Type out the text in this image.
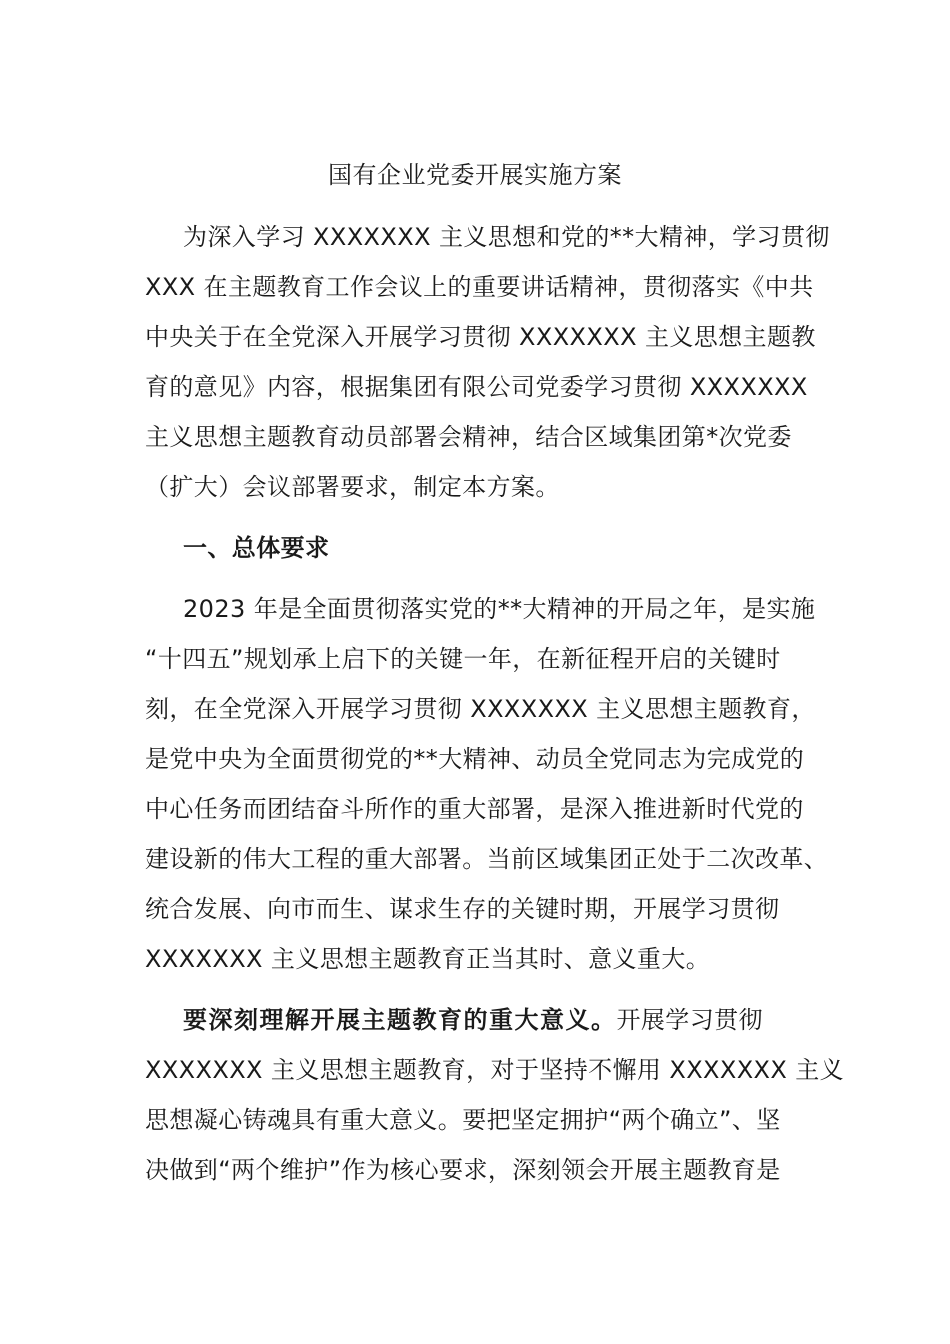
国有企业党委开展实施方案
为深入学习 XXXXXXX 主义思想和党的**大精神，学习贯彻
XXX 在主题教育工作会议上的重要讲话精神，贯彻落实《中共
中央关于在全党深入开展学习贯彻 XXXXXXX 主义思想主题教
育的意见》内容，根据集团有限公司党委学习贯彻 XXXXXXX
主义思想主题教育动员部署会精神，结合区域集团第*次党委
（扩大）会议部署要求，制定本方案。
一、总体要求
2023 年是全面贯彻落实党的**大精神的开局之年，是实施
“十四五”规划承上启下的关键一年，在新征程开启的关键时
刻，在全党深入开展学习贯彻 XXXXXXX 主义思想主题教育，
是党中央为全面贯彻党的**大精神、动员全党同志为完成党的
中心任务而团结奋斗所作的重大部署，是深入推进新时代党的
建设新的伟大工程的重大部署。当前区域集团正处于二次改革、
统合发展、向市而生、谋求生存的关键时期，开展学习贯彻
XXXXXXX 主义思想主题教育正当其时、意义重大。
要深刻理解开展主题教育的重大意义。开展学习贯彻
XXXXXXX 主义思想主题教育，对于坚持不懈用 XXXXXXX 主义
思想凝心铸魂具有重大意义。要把坚定拥护“两个确立”、坚
决做到“两个维护”作为核心要求，深刻领会开展主题教育是
